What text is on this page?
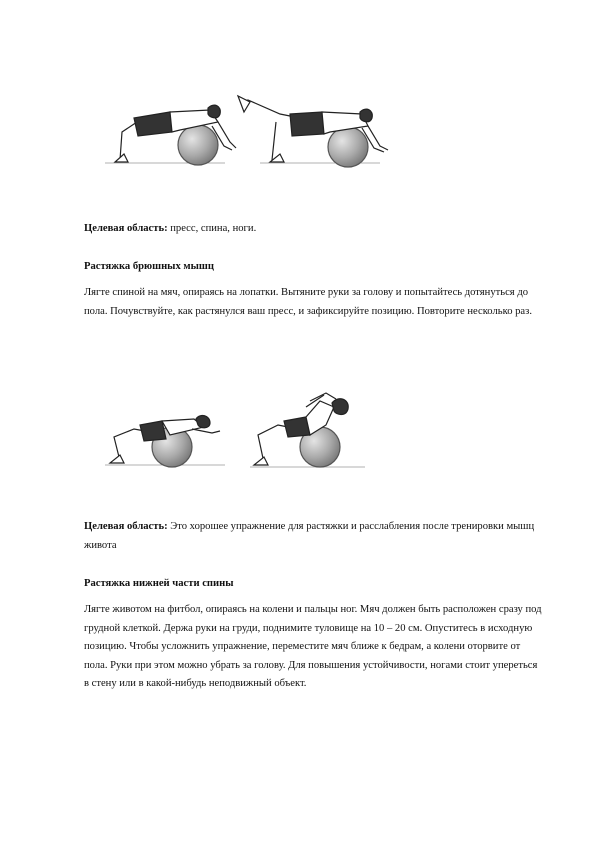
Целевая область: пресс, спина, ноги.

Растяжка брюшных мышц

Лягте спиной на мяч, опираясь на лопатки. Вытяните руки за голову и попытайтесь дотянуться до пола. Почувствуйте, как растянулся ваш пресс, и зафиксируйте позицию. Повторите несколько раз.

Целевая область: Это хорошее упражнение для растяжки и расслабления после тренировки мышц живота

Растяжка нижней части спины

Лягте животом на фитбол, опираясь на колени и пальцы ног. Мяч должен быть расположен сразу под грудной клеткой. Держа руки на груди, поднимите туловище на 10 – 20 см. Опуститесь в исходную позицию. Чтобы усложнить упражнение, переместите мяч ближе к бедрам, а колени оторвите от пола. Руки при этом можно убрать за голову. Для повышения устойчивости, ногами стоит упереться в стену или в какой-нибудь неподвижный объект.
